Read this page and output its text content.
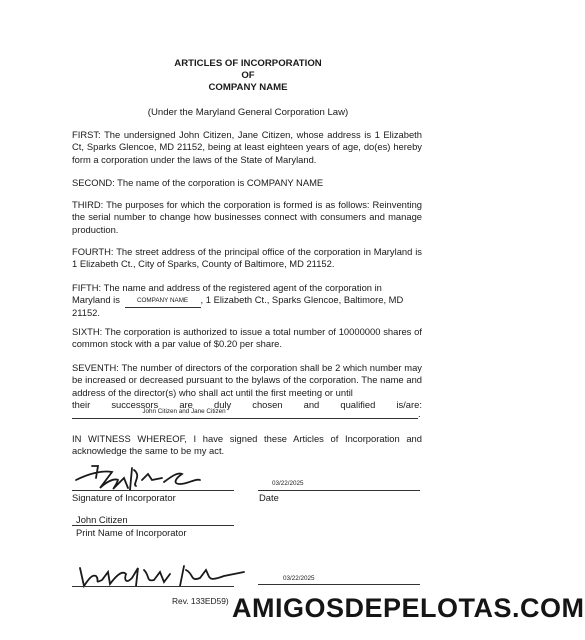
ARTICLES OF INCORPORATION
OF
COMPANY NAME
(Under the Maryland General Corporation Law)
FIRST: The undersigned John Citizen, Jane Citizen, whose address is 1 Elizabeth Ct, Sparks Glencoe, MD 21152, being at least eighteen years of age, do(es) hereby form a corporation under the laws of the State of Maryland.
SECOND: The name of the corporation is COMPANY NAME
THIRD: The purposes for which the corporation is formed is as follows: Reinventing the serial number to change how businesses connect with consumers and manage production.
FOURTH: The street address of the principal office of the corporation in Maryland is 1 Elizabeth Ct., City of Sparks, County of Baltimore, MD 21152.
FIFTH: The name and address of the registered agent of the corporation in
Maryland is	COMPANY NAME , 1 Elizabeth Ct., Sparks Glencoe, Baltimore, MD
21152.
SIXTH: The corporation is authorized to issue a total number of 10000000 shares of common stock with a par value of $0.20 per share.
SEVENTH: The number of directors of the corporation shall be 2 which number may be increased or decreased pursuant to the bylaws of the corporation. The name and address of the director(s) who shall act until the first meeting or until
their successors are duly chosen and qualified is/are:
John Citizen and Jane Citizen	.
IN WITNESS WHEREOF, I have signed these Articles of Incorporation and acknowledge the same to be my act.
Signature of Incorporator
03/22/2025
Date
John Citizen
Print Name of Incorporator
03/22/2025
Rev. 133ED59) AMIGOSDEPELOTAS.COM
